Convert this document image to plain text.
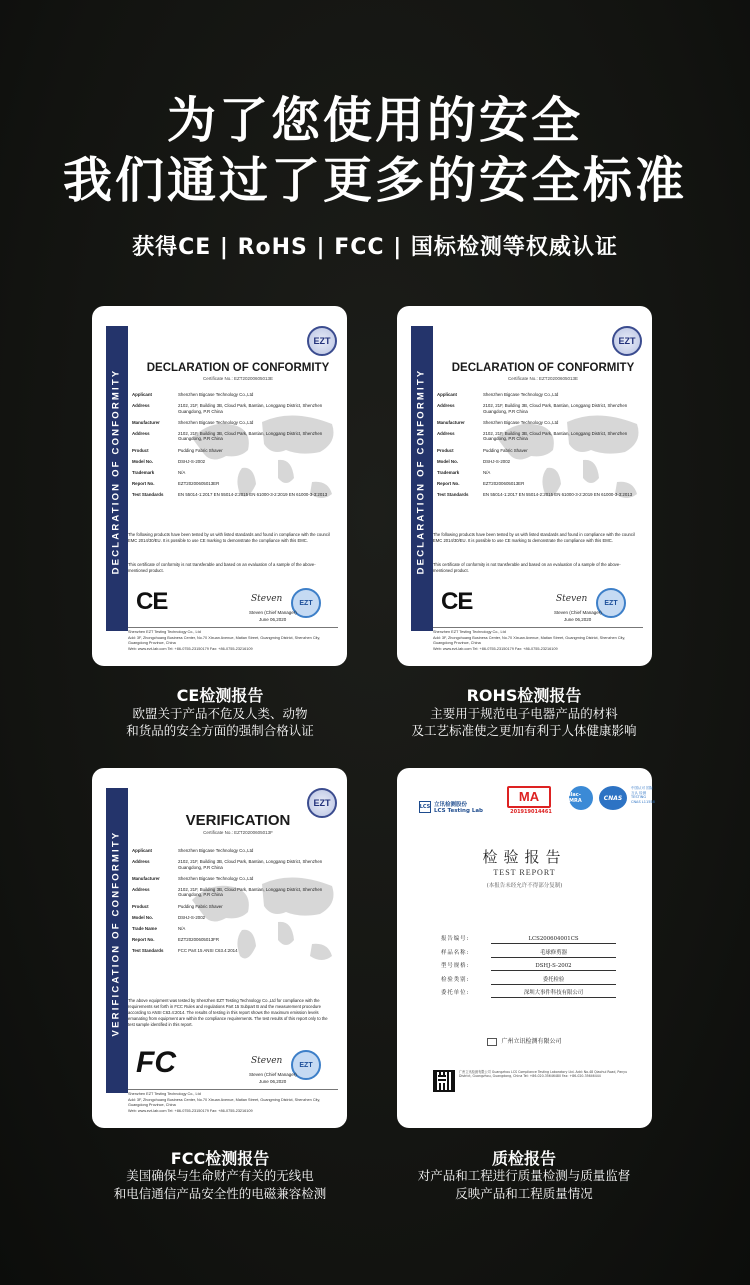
为了您使用的安全
我们通过了更多的安全标准
获得CE | RoHS | FCC | 国标检测等权威认证
DECLARATION OF CONFORMITY
EZT
DECLARATION OF CONFORMITY
Certificate No.: EZT20200605013E
Applicant	Shenzhen Bigcase Technology Co.,Ltd
Address	2102, 21F, Building 3B, Cloud Park, Bantian, Longgang District, Shenzhen Guangdong, P.R China
Manufacturer	Shenzhen Bigcase Technology Co.,Ltd
Address	2102, 21F, Building 3B, Cloud Park, Bantian, Longgang District, Shenzhen Guangdong, P.R China
Product	Pudding Fabric Shaver
Model No.	DSHJ-S-2002
Trademark	N/A
Report No.	EZT20200605013ER
Test Standards	EN 55014-1:2017 EN 55014-2:2015 EN 61000-3-2:2019 EN 61000-3-3:2013
The following products have been tested by us with listed standards and found in compliance with the council EMC 2014/30/EU. It is possible to use CE marking to demonstrate the compliance with this EMC.
This certificate of conformity is not transferable and based on an evaluation of a sample of the above-mentioned product.
CE	Steven	EZT
Steven (Chief Manager)
June 06,2020
Shenzhen EZT Testing Technology Co., Ltd
Add: 3F, Zhongchuang Business Center, No.70 Xixuan Avenue, Matian Street, Guangming District, Shenzhen City, Guangdong Province, China
Web: www.ezt-lab.com Tel: +86-0755-23150179 Fax: +86-0755-23216109
DECLARATION OF CONFORMITY
EZT
DECLARATION OF CONFORMITY
Certificate No.: EZT20200605013E
Applicant	Shenzhen Bigcase Technology Co.,Ltd
Address	2102, 21F, Building 3B, Cloud Park, Bantian, Longgang District, Shenzhen Guangdong, P.R China
Manufacturer	Shenzhen Bigcase Technology Co.,Ltd
Address	2102, 21F, Building 3B, Cloud Park, Bantian, Longgang District, Shenzhen Guangdong, P.R China
Product	Pudding Fabric Shaver
Model No.	DSHJ-S-2002
Trademark	N/A
Report No.	EZT20200605013ER
Test Standards	EN 55014-1:2017 EN 55014-2:2015 EN 61000-3-2:2019 EN 61000-3-3:2013
The following products have been tested by us with listed standards and found in compliance with the council EMC 2014/30/EU. It is possible to use CE marking to demonstrate the compliance with this EMC.
This certificate of conformity is not transferable and based on an evaluation of a sample of the above-mentioned product.
CE	Steven	EZT
Steven (Chief Manager)
June 06,2020
Shenzhen EZT Testing Technology Co., Ltd
Add: 3F, Zhongchuang Business Center, No.70 Xixuan Avenue, Matian Street, Guangming District, Shenzhen City, Guangdong Province, China
Web: www.ezt-lab.com Tel: +86-0755-23150179 Fax: +86-0755-23216109
VERIFICATION OF CONFORMITY
EZT
VERIFICATION
Certificate No.: EZT20200605013F
Applicant	Shenzhen Bigcase Technology Co.,Ltd
Address	2102, 21F, Building 3B, Cloud Park, Bantian, Longgang District, Shenzhen Guangdong, P.R China
Manufacturer	Shenzhen Bigcase Technology Co.,Ltd
Address	2102, 21F, Building 3B, Cloud Park, Bantian, Longgang District, Shenzhen Guangdong, P.R China
Product	Pudding Fabric Shaver
Model No.	DSHJ-S-2002
Trade Name	N/A
Report No.	EZT20200605013FR
Test Standards	FCC Part 15 ANSI C63.4:2014
The above equipment was tested by Shenzhen EZT Testing Technology Co.,Ltd for compliance with the requirements set forth in FCC Rules and regulations Part 15 Subpart B and the measurement procedure according to ANSI C63.4:2014. The results of testing in this report shows the maximum emission levels emanating from equipment are within the compliance requirements. The test results of this report only to the test sample identified in this report.
FC	Steven	EZT
Steven (Chief Manager)
June 06,2020
Shenzhen EZT Testing Technology Co., Ltd
Add: 3F, Zhongchuang Business Center, No.70 Xixuan Avenue, Matian Street, Guangming District, Shenzhen City, Guangdong Province, China
Web: www.ezt-lab.com Tel: +86-0755-23150179 Fax: +86-0755-23216109
LCS 立讯检测股份
LCS Testing Lab
MA
201919014461
ilac-MRA	CNAS
中国认可 国际互认 检测 TESTING CNAS L11558
检验报告
TEST REPORT
(本报告未经允许不得部分复制)
报告编号:	LCS200604001CS
样品名称:	毛球修剪器
型号规格:	DSHJ-S-2002
检验类别:	委托检验
委托单位:	深圳大事件科技有限公司
广州立讯检测有限公司
广州立讯检测有限公司 Guangzhou LCS Compliance Testing Laboratory Ltd. Add: No.48 Qiaohui Road, Panyu District, Guangzhou, Guangdong, China Tel: +86-020-35646480 Fax: +86-020-35646444
CE检测报告
欧盟关于产品不危及人类、动物
和货品的安全方面的强制合格认证
ROHS检测报告
主要用于规范电子电器产品的材料
及工艺标准使之更加有利于人体健康影响
FCC检测报告
美国确保与生命财产有关的无线电
和电信通信产品安全性的电磁兼容检测
质检报告
对产品和工程进行质量检测与质量监督
反映产品和工程质量情况
